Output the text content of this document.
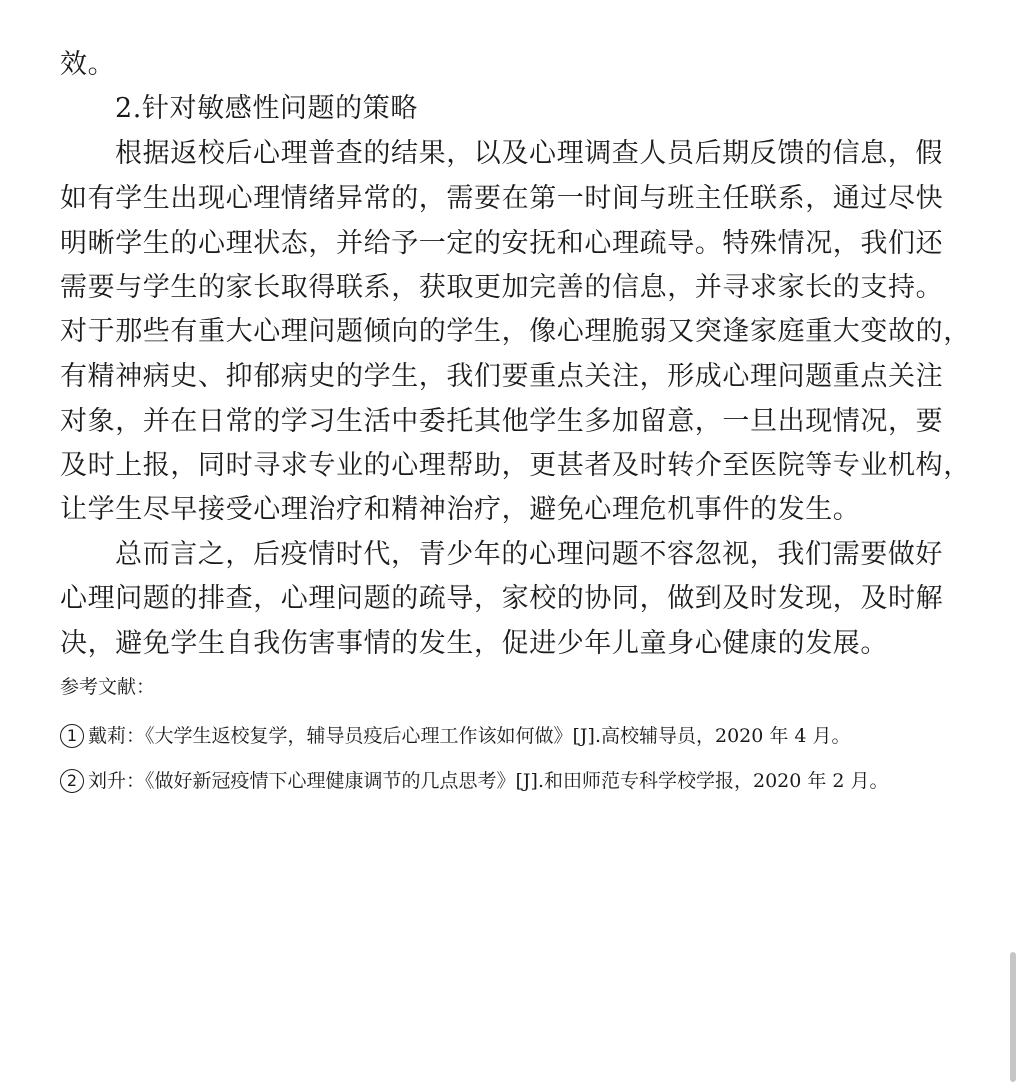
效。
2.针对敏感性问题的策略
根据返校后心理普查的结果，以及心理调查人员后期反馈的信息，假
如有学生出现心理情绪异常的，需要在第一时间与班主任联系，通过尽快
明晰学生的心理状态，并给予一定的安抚和心理疏导。特殊情况，我们还
需要与学生的家长取得联系，获取更加完善的信息，并寻求家长的支持。
对于那些有重大心理问题倾向的学生，像心理脆弱又突逢家庭重大变故的，
有精神病史、抑郁病史的学生，我们要重点关注，形成心理问题重点关注
对象，并在日常的学习生活中委托其他学生多加留意，一旦出现情况，要
及时上报，同时寻求专业的心理帮助，更甚者及时转介至医院等专业机构，
让学生尽早接受心理治疗和精神治疗，避免心理危机事件的发生。
总而言之，后疫情时代，青少年的心理问题不容忽视，我们需要做好
心理问题的排查，心理问题的疏导，家校的协同，做到及时发现，及时解
决，避免学生自我伤害事情的发生，促进少年儿童身心健康的发展。
参考文献：
1 戴莉：《大学生返校复学，辅导员疫后心理工作该如何做》[J].高校辅导员，2020 年 4 月。
2 刘升：《做好新冠疫情下心理健康调节的几点思考》[J].和田师范专科学校学报，2020 年 2 月。
